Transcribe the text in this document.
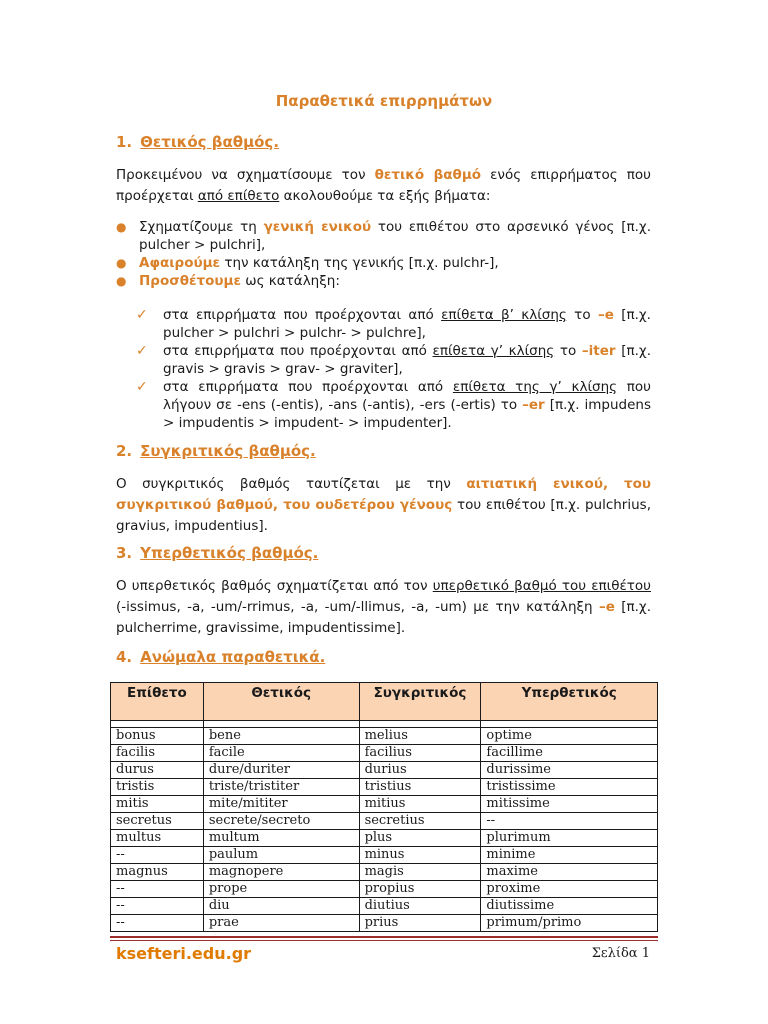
Παραθετικά επιρρημάτων
1. Θετικός βαθμός.
Προκειμένου να σχηματίσουμε τον θετικό βαθμό ενός επιρρήματος που προέρχεται από επίθετο ακολουθούμε τα εξής βήματα:
● Σχηματίζουμε τη γενική ενικού του επιθέτου στο αρσενικό γένος [π.χ. pulcher > pulchri],
● Αφαιρούμε την κατάληξη της γενικής [π.χ. pulchr-],
● Προσθέτουμε ως κατάληξη:
✓ στα επιρρήματα που προέρχονται από επίθετα β’ κλίσης το –e [π.χ. pulcher > pulchri > pulchr- > pulchre],
✓ στα επιρρήματα που προέρχονται από επίθετα γ’ κλίσης το –iter [π.χ. gravis > gravis > grav- > graviter],
✓ στα επιρρήματα που προέρχονται από επίθετα της γ’ κλίσης που λήγουν σε -ens (-entis), -ans (-antis), -ers (-ertis) το –er [π.χ. impudens > impudentis > impudent- > impudenter].
2. Συγκριτικός βαθμός.
Ο συγκριτικός βαθμός ταυτίζεται με την αιτιατική ενικού, του συγκριτικού βαθμού, του ουδετέρου γένους του επιθέτου [π.χ. pulchrius, gravius, impudentius].
3. Υπερθετικός βαθμός.
Ο υπερθετικός βαθμός σχηματίζεται από τον υπερθετικό βαθμό του επιθέτου (-issimus, -a, -um/-rrimus, -a, -um/-llimus, -a, -um) με την κατάληξη –e [π.χ. pulcherrime, gravissime, impudentissime].
4. Ανώμαλα παραθετικά.
Επίθετο	Θετικός	Συγκριτικός	Υπερθετικός

bonus	bene	melius	optime
facilis	facile	facilius	facillime
durus	dure/duriter	durius	durissime
tristis	triste/tristiter	tristius	tristissime
mitis	mite/mititer	mitius	mitissime
secretus	secrete/secreto	secretius	--
multus	multum	plus	plurimum
--	paulum	minus	minime
magnus	magnopere	magis	maxime
--	prope	propius	proxime
--	diu	diutius	diutissime
--	prae	prius	primum/primo
ksefteri.edu.gr	Σελίδα 1
